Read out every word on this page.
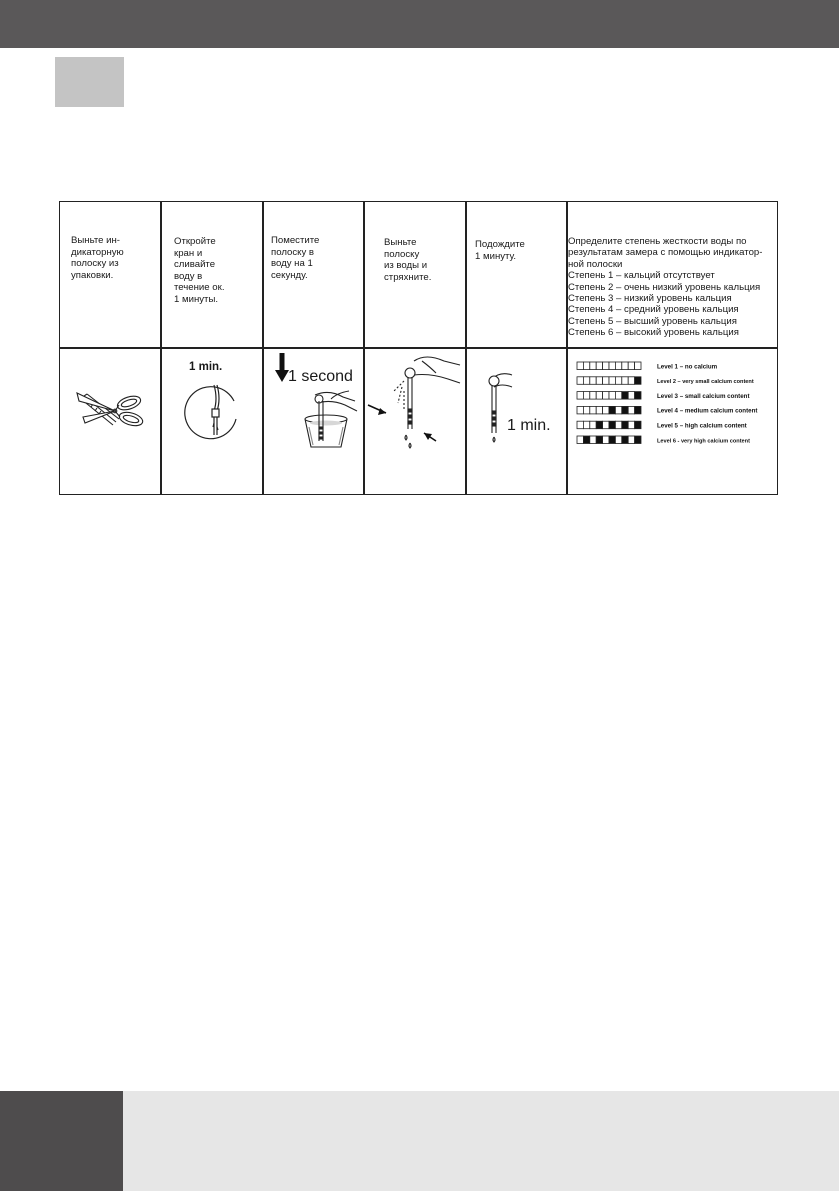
Выньте ин-
дикаторную
полоску из
упаковки.
Откройте
кран и
сливайте
воду в
течение ок.
1 минуты.
Поместите
полоску в
воду на 1
секунду.
Выньте
полоску
из воды и
стряхните.
Подождите
1 минуту.
Определите степень жесткости воды по
результатам замера с помощью индикатор-
ной полоски
Степень 1 – кальций отсутствует
Степень 2 – очень низкий уровень кальция
Степень 3 – низкий уровень кальция
Степень 4 – средний уровень кальция
Степень 5 – высший уровень кальция
Степень 6 – высокий уровень кальция
1 min.
1 second
1 min.
Level 1 – no calcium
Level 2 – very small calcium content
Level 3 – small calcium content
Level 4 – medium calcium content
Level 5 – high calcium content
Level 6 - very high calcium content
